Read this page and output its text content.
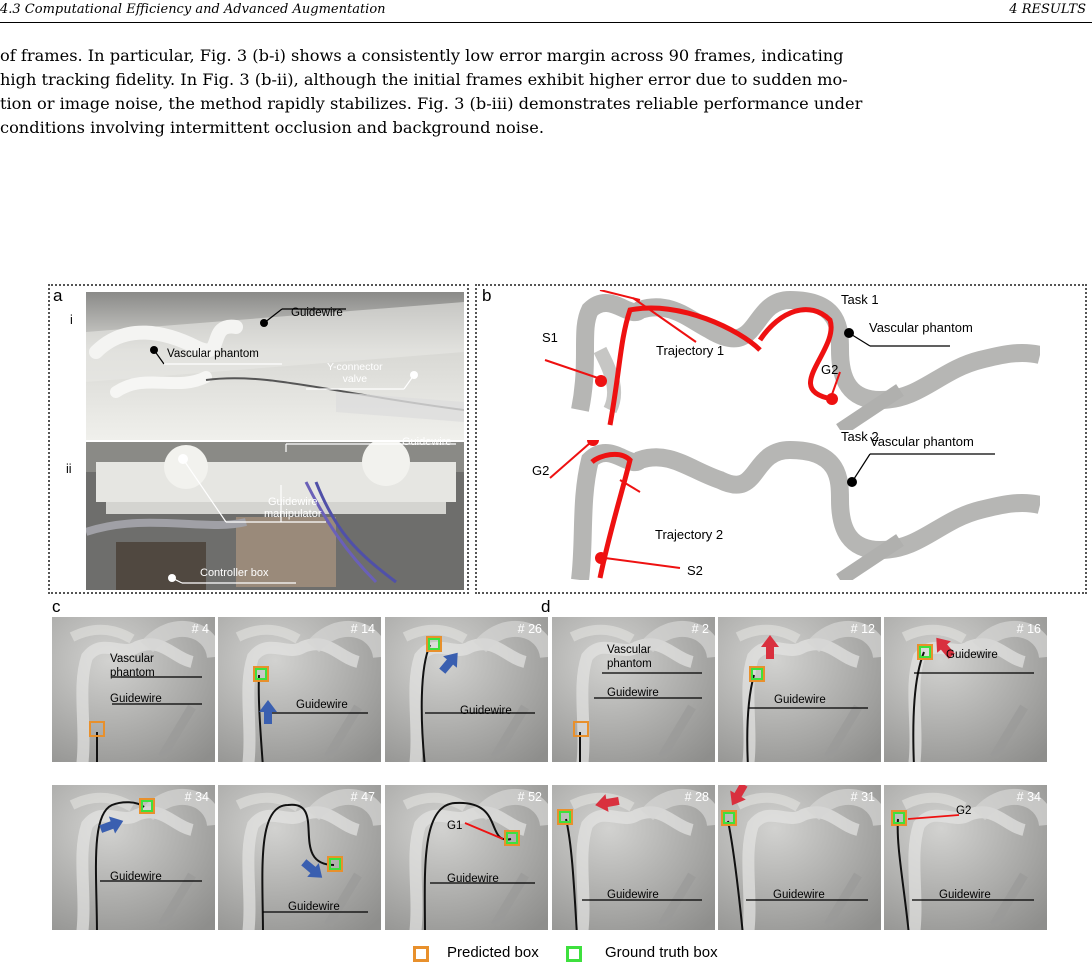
4.3 Computational Efficiency and Advanced Augmentation	4 RESULTS
of frames. In particular, Fig. 3 (b-i) shows a consistently low error margin across 90 frames, indicating
high tracking fidelity. In Fig. 3 (b-ii), although the initial frames exhibit higher error due to sudden mo-
tion or image noise, the method rapidly stabilizes. Fig. 3 (b-iii) demonstrates reliable performance under
conditions involving intermittent occlusion and background noise.
a
i	Guidewire
Vascular phantom
Y-connector
valve
ii
Guidewire
Guidewire
manipulator
Controller box
b	Task 1
Vascular phantom
S1
Trajectory 1
G2
Task 2
Vascular phantom
G2
Trajectory 2
S2
c	d
# 4
Vascular
phantom
Guidewire
# 14
Guidewire
# 26
Guidewire
# 34
Guidewire
# 47
Guidewire
# 52
G1
Guidewire
# 2
Vascular
phantom
Guidewire
# 12
Guidewire
# 16
Guidewire
# 28
Guidewire
# 31
Guidewire
# 34
G2
Guidewire
Predicted box	Ground truth box
